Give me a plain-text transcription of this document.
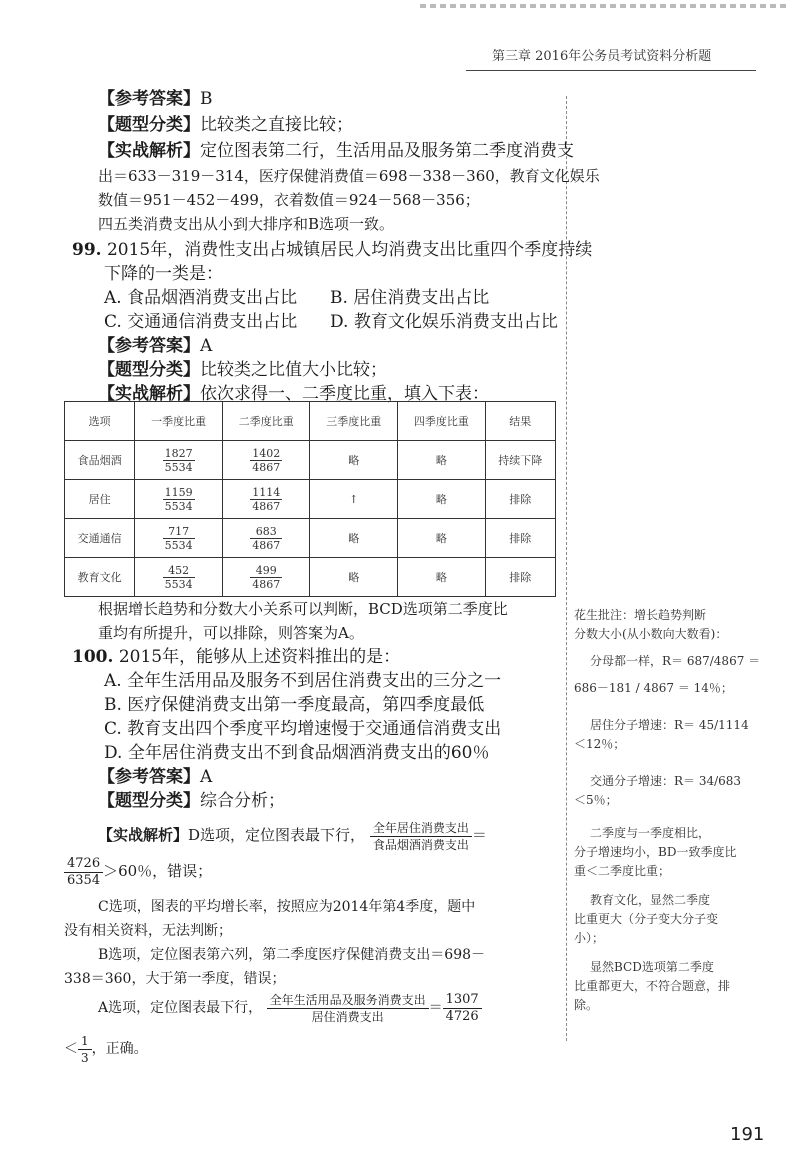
第三章 2016年公务员考试资料分析题
【参考答案】B
【题型分类】比较类之直接比较；
【实战解析】定位图表第二行，生活用品及服务第二季度消费支
出＝633－319－314，医疗保健消费值＝698－338－360，教育文化娱乐
数值＝951－452－499，衣着数值＝924－568－356；
四五类消费支出从小到大排序和B选项一致。
99. 2015年，消费性支出占城镇居民人均消费支出比重四个季度持续
下降的一类是：
A. 食品烟酒消费支出占比 B. 居住消费支出占比
C. 交通通信消费支出占比 D. 教育文化娱乐消费支出占比
【参考答案】A
【题型分类】比较类之比值大小比较；
【实战解析】依次求得一、二季度比重，填入下表：
选项	一季度比重	二季度比重	三季度比重	四季度比重	结果
食品烟酒	$\frac{1827}{5534}$	$\frac{1402}{4867}$	略	略	持续下降
居住	$\frac{1159}{5534}$	$\frac{1114}{4867}$	↑	略	排除
交通通信	$\frac{717}{5534}$	$\frac{683}{4867}$	略	略	排除
教育文化	$\frac{452}{5534}$	$\frac{499}{4867}$	略	略	排除
根据增长趋势和分数大小关系可以判断，BCD选项第二季度比
重均有所提升，可以排除，则答案为A。
100. 2015年，能够从上述资料推出的是：
A. 全年生活用品及服务不到居住消费支出的三分之一
B. 医疗保健消费支出第一季度最高，第四季度最低
C. 教育支出四个季度平均增速慢于交通通信消费支出
D. 全年居住消费支出不到食品烟酒消费支出的60％
【参考答案】A
【题型分类】综合分析；
【实战解析】D选项，定位图表最下行， $\frac{\text{全年居住消费支出}}{\text{食品烟酒消费支出}}$ ＝
$\frac{4726}{6354} >60$％，错误；
C选项，图表的平均增长率，按照应为2014年第4季度，题中
没有相关资料，无法判断；
B选项，定位图表第六列，第二季度医疗保健消费支出＝698－
338＝360，大于第一季度，错误；
A选项，定位图表最下行， $\frac{\text{全年生活用品及服务消费支出}}{\text{居住消费支出}} = \frac{1307}{4726}$
＜ $\frac{1}{3}$ ，正确。
花生批注：增长趋势判断
分数大小(从小数向大数看)：
分母都一样，R＝ 687/4867 ＝
686－181 / 4867 ＝ 14％；
居住分子增速：R＝ 45/1114
＜12％；
交通分子增速：R＝ 34/683
＜5％；
二季度与一季度相比，
分子增速均小，BD一致季度比
重＜二季度比重；
教育文化，显然二季度
比重更大（分子变大分子变
小）；
显然BCD选项第二季度
比重都更大，不符合题意，排
除。
191
